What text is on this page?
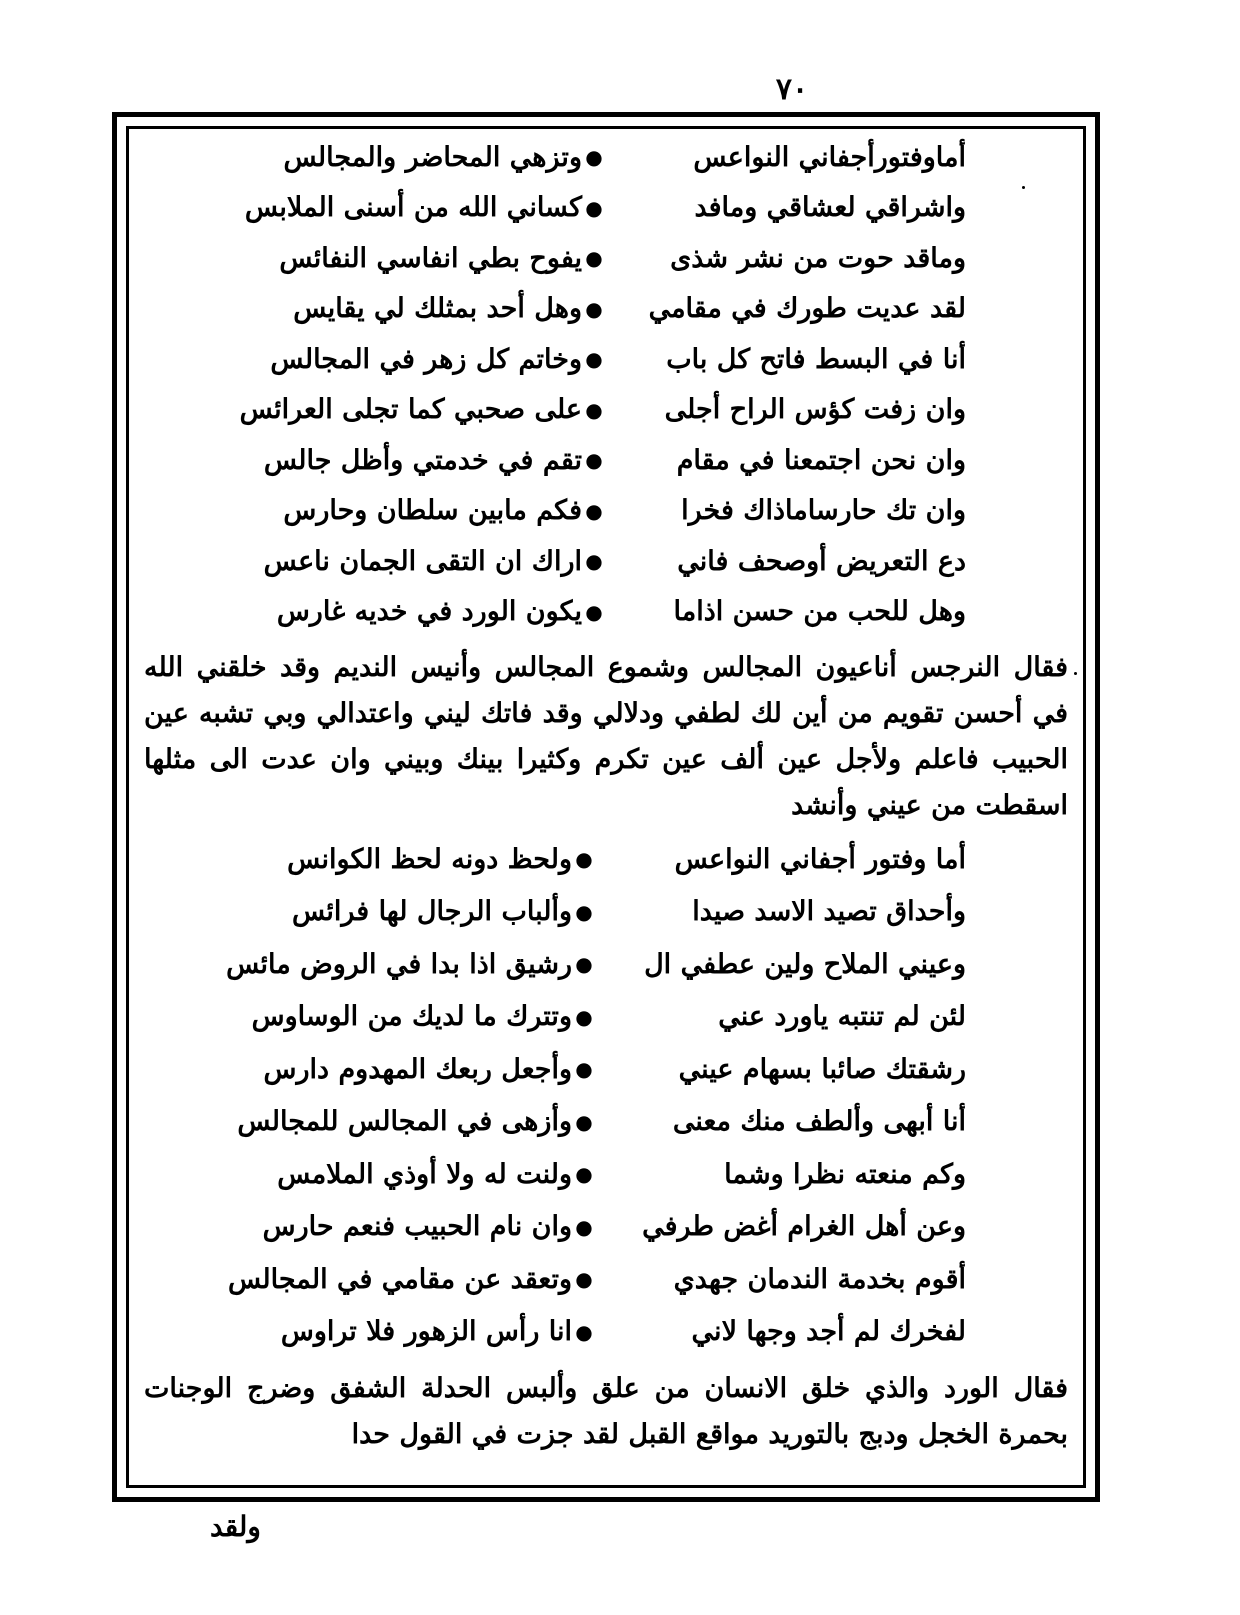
٧٠
أماوفتورأجفاني النواعس
●
وتزهي المحاضر والمجالس
واشراقي لعشاقي ومافد
●
كساني الله من أسنى الملابس
وماقد حوت من نشر شذى
●
يفوح بطي انفاسي النفائس
لقد عديت طورك في مقامي
●
وهل أحد بمثلك لي يقايس
أنا في البسط فاتح كل باب
●
وخاتم كل زهر في المجالس
وان زفت كؤس الراح أجلى
●
على صحبي كما تجلى العرائس
وان نحن اجتمعنا في مقام
●
تقم في خدمتي وأظل جالس
وان تك حارساماذاك فخرا
●
فكم مابين سلطان وحارس
دع التعريض أوصحف فاني
●
اراك ان التقى الجمان ناعس
وهل للحب من حسن اذاما
●
يكون الورد في خديه غارس
فقال النرجس أناعيون المجالس وشموع المجالس وأنيس النديم وقد خلقني الله في أحسن تقويم من أين لك لطفي ودلالي وقد فاتك ليني واعتدالي وبي تشبه عين الحبيب فاعلم ولأجل عين ألف عين تكرم وكثيرا بينك وبيني وان عدت الى مثلها اسقطت من عيني وأنشد
أما وفتور أجفاني النواعس
●
ولحظ دونه لحظ الكوانس
وأحداق تصيد الاسد صيدا
●
وألباب الرجال لها فرائس
وعيني الملاح ولين عطفي ال
●
رشيق اذا بدا في الروض مائس
لئن لم تنتبه ياورد عني
●
وتترك ما لديك من الوساوس
رشقتك صائبا بسهام عيني
●
وأجعل ربعك المهدوم دارس
أنا أبهى وألطف منك معنى
●
وأزهى في المجالس للمجالس
وكم منعته نظرا وشما
●
ولنت له ولا أوذي الملامس
وعن أهل الغرام أغض طرفي
●
وان نام الحبيب فنعم حارس
أقوم بخدمة الندمان جهدي
●
وتعقد عن مقامي في المجالس
لفخرك لم أجد وجها لاني
●
انا رأس الزهور فلا تراوس
فقال الورد والذي خلق الانسان من علق وألبس الحدلة الشفق وضرج الوجنات بحمرة الخجل ودبج بالتوريد مواقع القبل لقد جزت في القول حدا
ولقد
